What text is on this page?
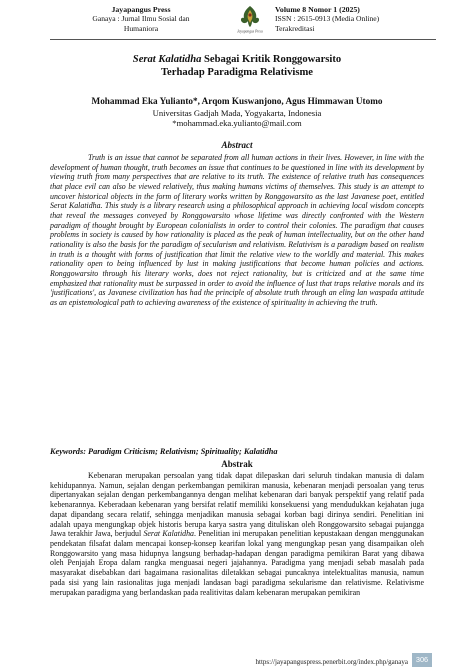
Jayapangus Press
Ganaya : Jurnal Ilmu Sosial dan
Humaniora	Jayapangus Press
Volume 8 Nomor 1 (2025)
ISSN : 2615-0913 (Media Online)
Terakreditasi
Serat Kalatidha Sebagai Kritik Ronggowarsito
Terhadap Paradigma Relativisme
Mohammad Eka Yulianto*, Arqom Kuswanjono, Agus Himmawan Utomo
Universitas Gadjah Mada, Yogyakarta, Indonesia
*mohammad.eka.yulianto@mail.com
Abstract

Truth is an issue that cannot be separated from all human actions in their lives. However, in line with the development of human thought, truth becomes an issue that continues to be questioned in line with its development by viewing truth from many perspectives that are relative to its truth. The existence of relative truth has consequences that place evil can also be viewed relatively, thus making humans victims of themselves. This study is an attempt to uncover historical objects in the form of literary works written by Ronggowarsito as the last Javanese poet, entitled Serat Kalatidha. This study is a library research using a philosophical approach in achieving local wisdom concepts that reveal the messages conveyed by Ronggowarsito whose lifetime was directly confronted with the Western paradigm of thought brought by European colonialists in order to control their colonies. The paradigm that causes problems in society is caused by how rationality is placed as the peak of human intellectuality, but on the other hand rationality is also the basis for the paradigm of secularism and relativism. Relativism is a paradigm based on realism in truth is a thought with forms of justification that limit the relative view to the worldly and material. This makes rationality open to being influenced by lust in making justifications that become human policies and actions. Ronggowarsito through his literary works, does not reject rationality, but is criticized and at the same time emphasized that rationality must be surpassed in order to avoid the influence of lust that traps relative morals and its 'justifications', as Javanese civilization has had the principle of absolute truth through an eling lan waspada attitude as an epistemological path to achieving awareness of the existence of spirituality in achieving the truth.

Keywords: Paradigm Criticism; Relativism; Spirituality; Kalatidha
Abstrak

Kebenaran merupakan persoalan yang tidak dapat dilepaskan dari seluruh tindakan manusia di dalam kehidupannya. Namun, sejalan dengan perkembangan pemikiran manusia, kebenaran menjadi persoalan yang terus dipertanyakan sejalan dengan perkembangannya dengan melihat kebenaran dari banyak perspektif yang relatif pada kebenarannya. Keberadaan kebenaran yang bersifat relatif memiliki konsekuensi yang mendudukkan kejahatan juga dapat dipandang secara relatif, sehingga menjadikan manusia sebagai korban bagi dirinya sendiri. Penelitian ini adalah upaya mengungkap objek historis berupa karya sastra yang dituliskan oleh Ronggowarsito sebagai pujangga Jawa terakhir Jawa, berjudul Serat Kalatidha. Penelitian ini merupakan penelitian kepustakaan dengan menggunakan pendekatan filsafat dalam mencapai konsep-konsep kearifan lokal yang mengungkap pesan yang disampaikan oleh Ronggowarsito yang masa hidupnya langsung berhadap-hadapan dengan paradigma pemikiran Barat yang dibawa oleh Penjajah Eropa dalam rangka menguasai negeri jajahannya. Paradigma yang menjadi sebab masalah pada masyarakat disebabkan dari bagaimana rasionalitas diletakkan sebagai puncaknya intelektualitas manusia, namun pada sisi yang lain rasionalitas juga menjadi landasan bagi paradigma sekularisme dan relativisme. Relativisme merupakan paradigma yang berlandaskan pada realitivitas dalam kebenaran merupakan pemikiran

https://jayapanguspress.penerbit.org/index.php/ganaya	306
